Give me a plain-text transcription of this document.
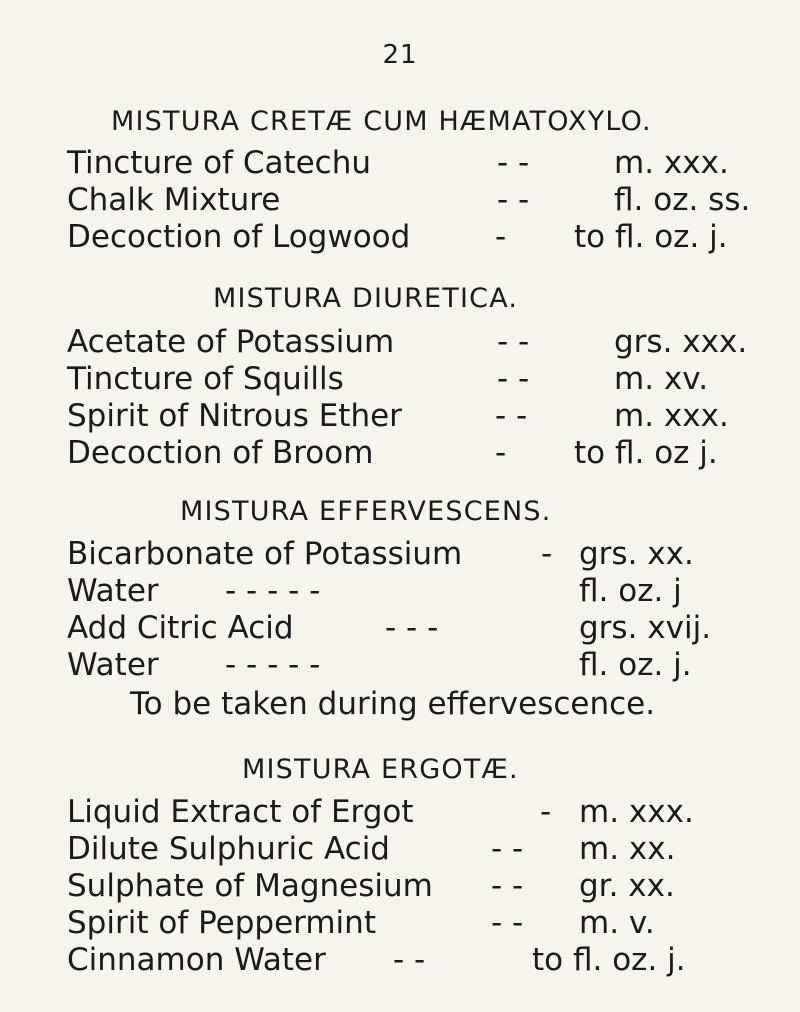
21
MISTURA CRETÆ CUM HÆMATOXYLO.
Tincture of Catechu	- -	m. xxx.
Chalk Mixture	- -	fl. oz. ss.
Decoction of Logwood	- to fl. oz. j.
MISTURA DIURETICA.
Acetate of Potassium	- -	grs. xxx.
Tincture of Squills	- -	m. xv.
Spirit of Nitrous Ether	- -	m. xxx.
Decoction of Broom	- to fl. oz j.
MISTURA EFFERVESCENS.
Bicarbonate of Potassium	- grs. xx.
Water - - - - -	fl. oz. j
Add Citric Acid	- - -	grs. xvij.
Water - - - - -	fl. oz. j.
To be taken during effervescence.
MISTURA ERGOTÆ.
Liquid Extract of Ergot	- m. xxx.
Dilute Sulphuric Acid	- - m. xx.
Sulphate of Magnesium - - gr. xx.
Spirit of Peppermint	- - m. v.
Cinnamon Water - -	to fl. oz. j.
